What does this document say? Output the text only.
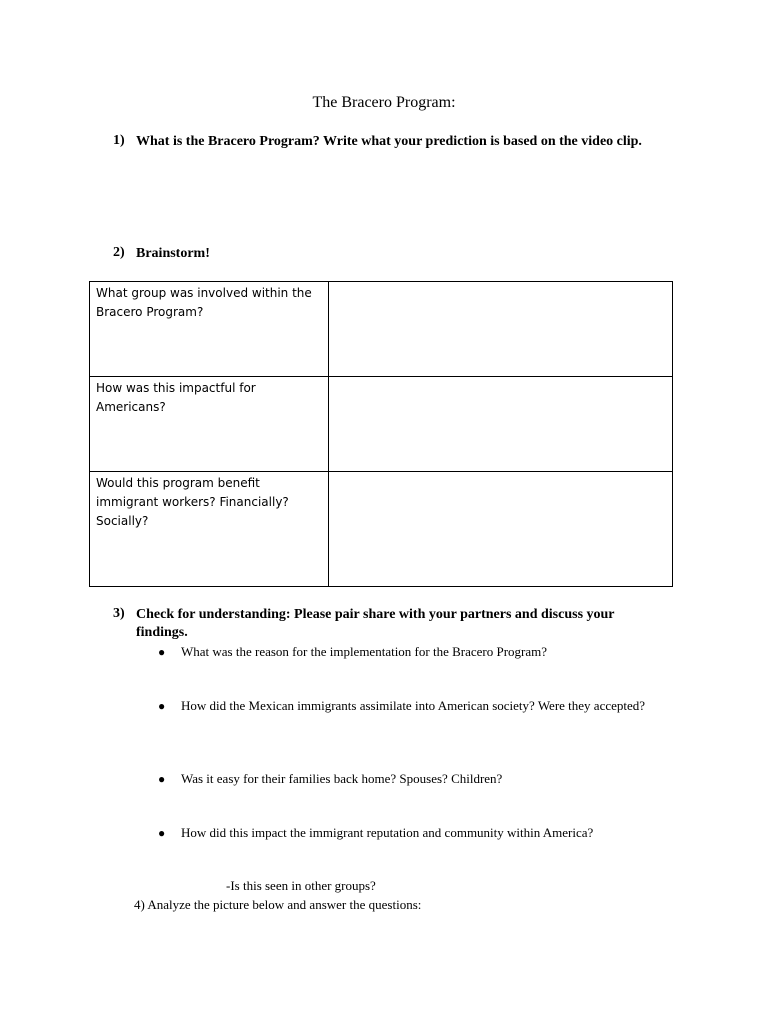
The Bracero Program:
1) What is the Bracero Program? Write what your prediction is based on the video clip.
2) Brainstorm!
What group was involved within the Bracero Program?	
How was this impactful for Americans?	
Would this program benefit immigrant workers? Financially? Socially?	
3) Check for understanding: Please pair share with your partners and discuss your findings.
●	What was the reason for the implementation for the Bracero Program?
●	How did the Mexican immigrants assimilate into American society? Were they accepted?
●	Was it easy for their families back home? Spouses? Children?
●	How did this impact the immigrant reputation and community within America?
-Is this seen in other groups?
4) Analyze the picture below and answer the questions:
